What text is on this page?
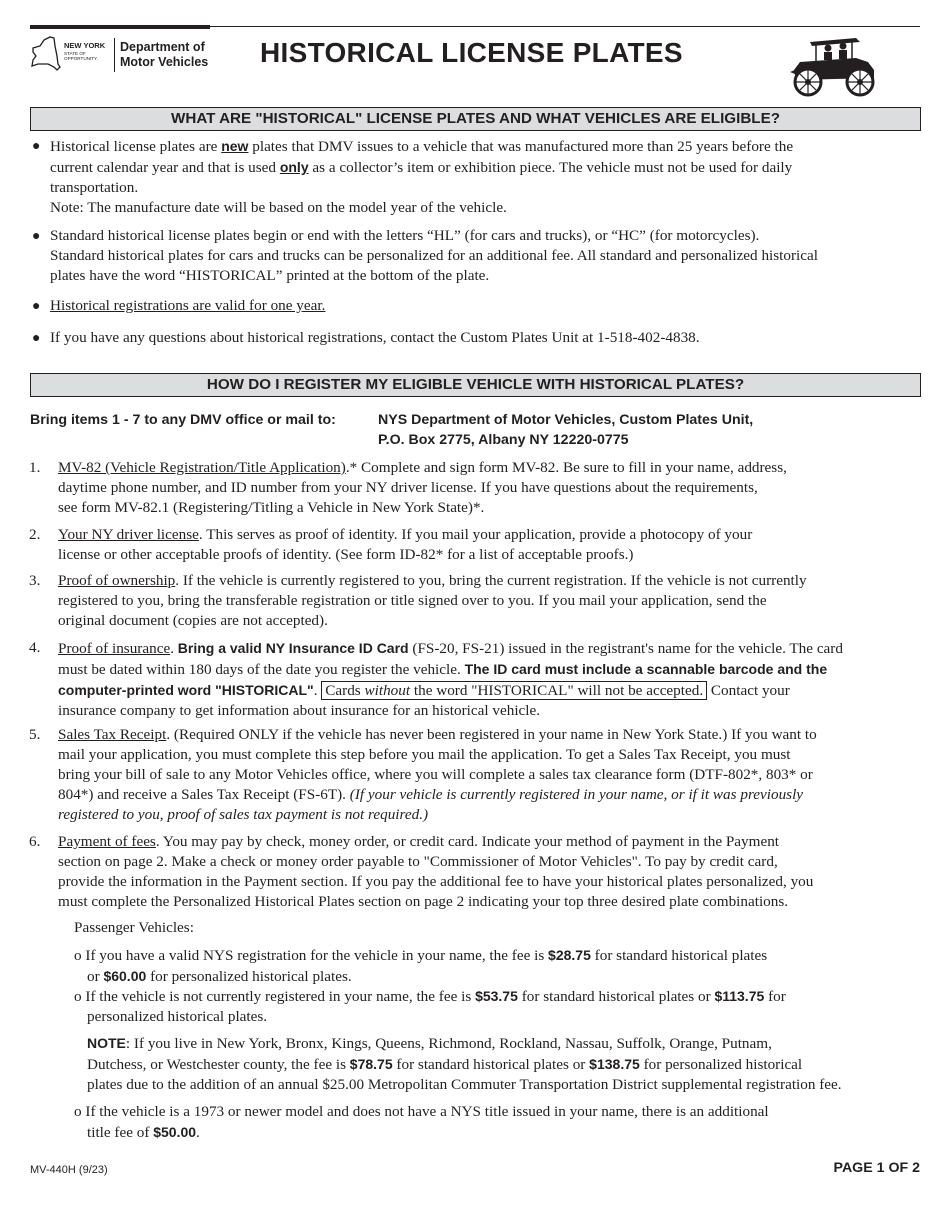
NEW YORK
STATE OF
OPPORTUNITY.
Department of
Motor Vehicles HISTORICAL LICENSE PLATES
WHAT ARE "HISTORICAL" LICENSE PLATES AND WHAT VEHICLES ARE ELIGIBLE?
● Historical license plates are new plates that DMV issues to a vehicle that was manufactured more than 25 years before the
current calendar year and that is used only as a collector’s item or exhibition piece. The vehicle must not be used for daily
transportation.
Note: The manufacture date will be based on the model year of the vehicle.
● Standard historical license plates begin or end with the letters “HL” (for cars and trucks), or “HC” (for motorcycles).
Standard historical plates for cars and trucks can be personalized for an additional fee. All standard and personalized historical
plates have the word “HISTORICAL” printed at the bottom of the plate.
● Historical registrations are valid for one year.
● If you have any questions about historical registrations, contact the Custom Plates Unit at 1-518-402-4838.
HOW DO I REGISTER MY ELIGIBLE VEHICLE WITH HISTORICAL PLATES?
Bring items 1 - 7 to any DMV office or mail to:	NYS Department of Motor Vehicles, Custom Plates Unit,
P.O. Box 2775, Albany NY 12220-0775
1. MV-82 (Vehicle Registration/Title Application).* Complete and sign form MV-82. Be sure to fill in your name, address,
daytime phone number, and ID number from your NY driver license. If you have questions about the requirements,
see form MV-82.1 (Registering/Titling a Vehicle in New York State)*.
2. Your NY driver license. This serves as proof of identity. If you mail your application, provide a photocopy of your
license or other acceptable proofs of identity. (See form ID-82* for a list of acceptable proofs.)
3. Proof of ownership. If the vehicle is currently registered to you, bring the current registration. If the vehicle is not currently
registered to you, bring the transferable registration or title signed over to you. If you mail your application, send the
original document (copies are not accepted).
4. Proof of insurance. Bring a valid NY Insurance ID Card (FS-20, FS-21) issued in the registrant's name for the vehicle. The card
must be dated within 180 days of the date you register the vehicle. The ID card must include a scannable barcode and the
computer-printed word "HISTORICAL". Cards without the word "HISTORICAL" will not be accepted. Contact your
insurance company to get information about insurance for an historical vehicle.
5. Sales Tax Receipt. (Required ONLY if the vehicle has never been registered in your name in New York State.) If you want to
mail your application, you must complete this step before you mail the application. To get a Sales Tax Receipt, you must
bring your bill of sale to any Motor Vehicles office, where you will complete a sales tax clearance form (DTF-802*, 803* or
804*) and receive a Sales Tax Receipt (FS-6T). (If your vehicle is currently registered in your name, or if it was previously
registered to you, proof of sales tax payment is not required.)
6. Payment of fees. You may pay by check, money order, or credit card. Indicate your method of payment in the Payment
section on page 2. Make a check or money order payable to "Commissioner of Motor Vehicles". To pay by credit card,
provide the information in the Payment section. If you pay the additional fee to have your historical plates personalized, you
must complete the Personalized Historical Plates section on page 2 indicating your top three desired plate combinations.
Passenger Vehicles:
o If you have a valid NYS registration for the vehicle in your name, the fee is $28.75 for standard historical plates
or $60.00 for personalized historical plates.
o If the vehicle is not currently registered in your name, the fee is $53.75 for standard historical plates or $113.75 for
personalized historical plates.
NOTE: If you live in New York, Bronx, Kings, Queens, Richmond, Rockland, Nassau, Suffolk, Orange, Putnam,
Dutchess, or Westchester county, the fee is $78.75 for standard historical plates or $138.75 for personalized historical
plates due to the addition of an annual $25.00 Metropolitan Commuter Transportation District supplemental registration fee.
o If the vehicle is a 1973 or newer model and does not have a NYS title issued in your name, there is an additional
title fee of $50.00.
MV-440H (9/23)	PAGE 1 OF 2
